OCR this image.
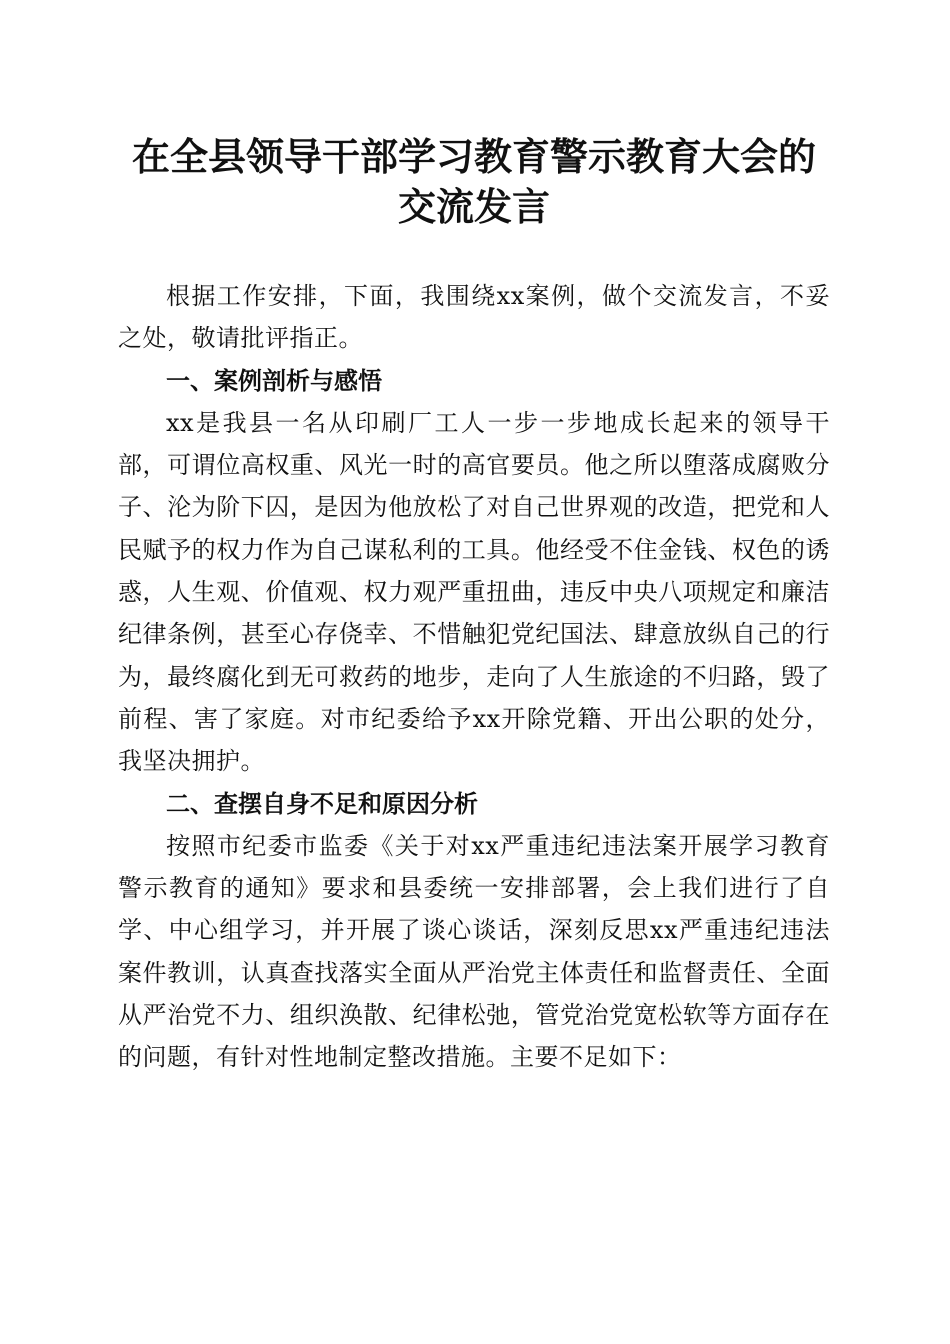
在全县领导干部学习教育警示教育大会的交流发言

根据工作安排，下面，我围绕xx案例，做个交流发言，不妥之处，敬请批评指正。

一、案例剖析与感悟

xx是我县一名从印刷厂工人一步一步地成长起来的领导干部，可谓位高权重、风光一时的高官要员。他之所以堕落成腐败分子、沦为阶下囚，是因为他放松了对自己世界观的改造，把党和人民赋予的权力作为自己谋私利的工具。他经受不住金钱、权色的诱惑，人生观、价值观、权力观严重扭曲，违反中央八项规定和廉洁纪律条例，甚至心存侥幸、不惜触犯党纪国法、肆意放纵自己的行为，最终腐化到无可救药的地步，走向了人生旅途的不归路，毁了前程、害了家庭。对市纪委给予xx开除党籍、开出公职的处分，我坚决拥护。

二、查摆自身不足和原因分析

按照市纪委市监委《关于对xx严重违纪违法案开展学习教育警示教育的通知》要求和县委统一安排部署，会上我们进行了自学、中心组学习，并开展了谈心谈话，深刻反思xx严重违纪违法案件教训，认真查找落实全面从严治党主体责任和监督责任、全面从严治党不力、组织涣散、纪律松弛，管党治党宽松软等方面存在的问题，有针对性地制定整改措施。主要不足如下：
